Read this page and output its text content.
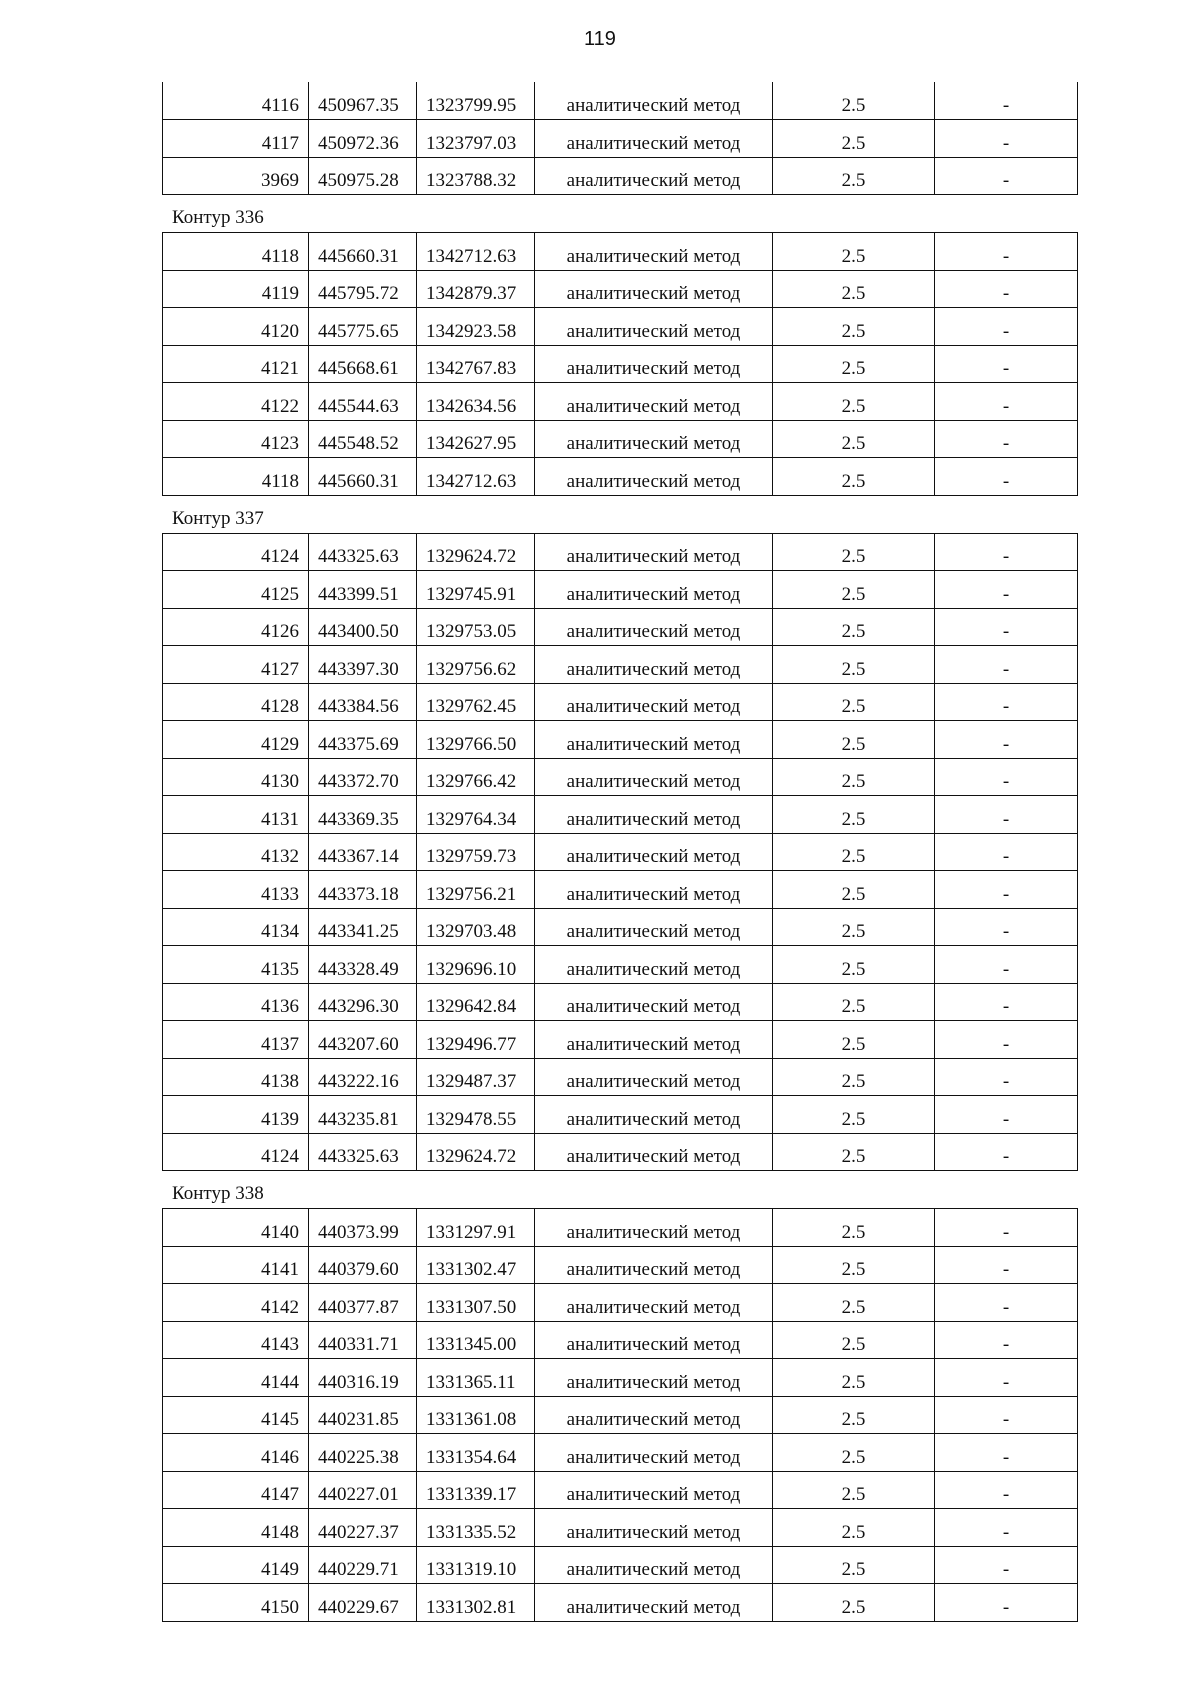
119
4116	450967.35	1323799.95	аналитический метод	2.5	-
4117	450972.36	1323797.03	аналитический метод	2.5	-
3969	450975.28	1323788.32	аналитический метод	2.5	-
Контур 336
4118	445660.31	1342712.63	аналитический метод	2.5	-
4119	445795.72	1342879.37	аналитический метод	2.5	-
4120	445775.65	1342923.58	аналитический метод	2.5	-
4121	445668.61	1342767.83	аналитический метод	2.5	-
4122	445544.63	1342634.56	аналитический метод	2.5	-
4123	445548.52	1342627.95	аналитический метод	2.5	-
4118	445660.31	1342712.63	аналитический метод	2.5	-
Контур 337
4124	443325.63	1329624.72	аналитический метод	2.5	-
4125	443399.51	1329745.91	аналитический метод	2.5	-
4126	443400.50	1329753.05	аналитический метод	2.5	-
4127	443397.30	1329756.62	аналитический метод	2.5	-
4128	443384.56	1329762.45	аналитический метод	2.5	-
4129	443375.69	1329766.50	аналитический метод	2.5	-
4130	443372.70	1329766.42	аналитический метод	2.5	-
4131	443369.35	1329764.34	аналитический метод	2.5	-
4132	443367.14	1329759.73	аналитический метод	2.5	-
4133	443373.18	1329756.21	аналитический метод	2.5	-
4134	443341.25	1329703.48	аналитический метод	2.5	-
4135	443328.49	1329696.10	аналитический метод	2.5	-
4136	443296.30	1329642.84	аналитический метод	2.5	-
4137	443207.60	1329496.77	аналитический метод	2.5	-
4138	443222.16	1329487.37	аналитический метод	2.5	-
4139	443235.81	1329478.55	аналитический метод	2.5	-
4124	443325.63	1329624.72	аналитический метод	2.5	-
Контур 338
4140	440373.99	1331297.91	аналитический метод	2.5	-
4141	440379.60	1331302.47	аналитический метод	2.5	-
4142	440377.87	1331307.50	аналитический метод	2.5	-
4143	440331.71	1331345.00	аналитический метод	2.5	-
4144	440316.19	1331365.11	аналитический метод	2.5	-
4145	440231.85	1331361.08	аналитический метод	2.5	-
4146	440225.38	1331354.64	аналитический метод	2.5	-
4147	440227.01	1331339.17	аналитический метод	2.5	-
4148	440227.37	1331335.52	аналитический метод	2.5	-
4149	440229.71	1331319.10	аналитический метод	2.5	-
4150	440229.67	1331302.81	аналитический метод	2.5	-
